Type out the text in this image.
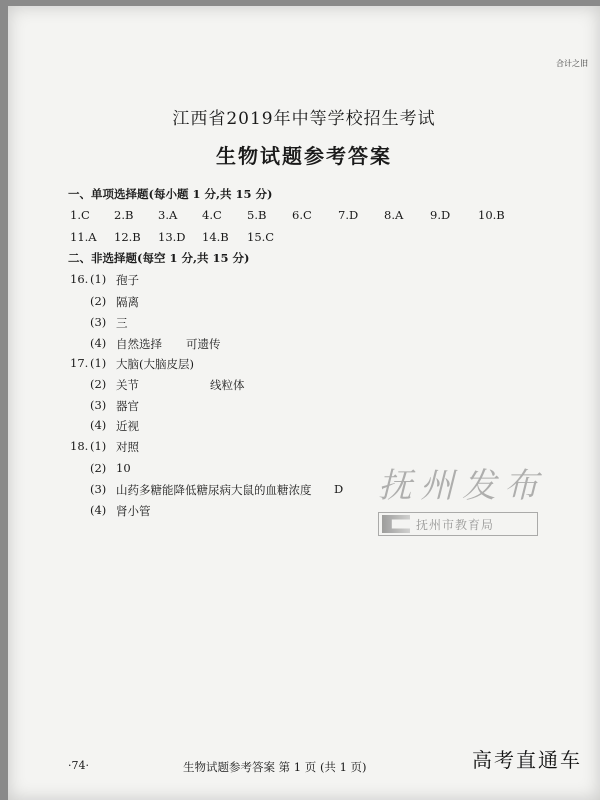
合计之旧
江西省2019年中等学校招生考试
生物试题参考答案
一、单项选择题(每小题 1 分,共 15 分)
1.C 2.B 3.A 4.C 5.B 6.C 7.D 8.A 9.D 10.B
11.A 12.B 13.D 14.B 15.C
二、非选择题(每空 1 分,共 15 分)
16. (1) 孢子
(2) 隔离
(3) 三
(4) 自然选择 可遗传
17. (1) 大脑(大脑皮层)
(2) 关节	线粒体
(3) 器官
(4) 近视
18. (1) 对照
(2) 10
(3) 山药多糖能降低糖尿病大鼠的血糖浓度 D
(4) 肾小管
抚州发布
抚州市教育局
·74·	生物试题参考答案 第 1 页 (共 1 页)	高考直通车
